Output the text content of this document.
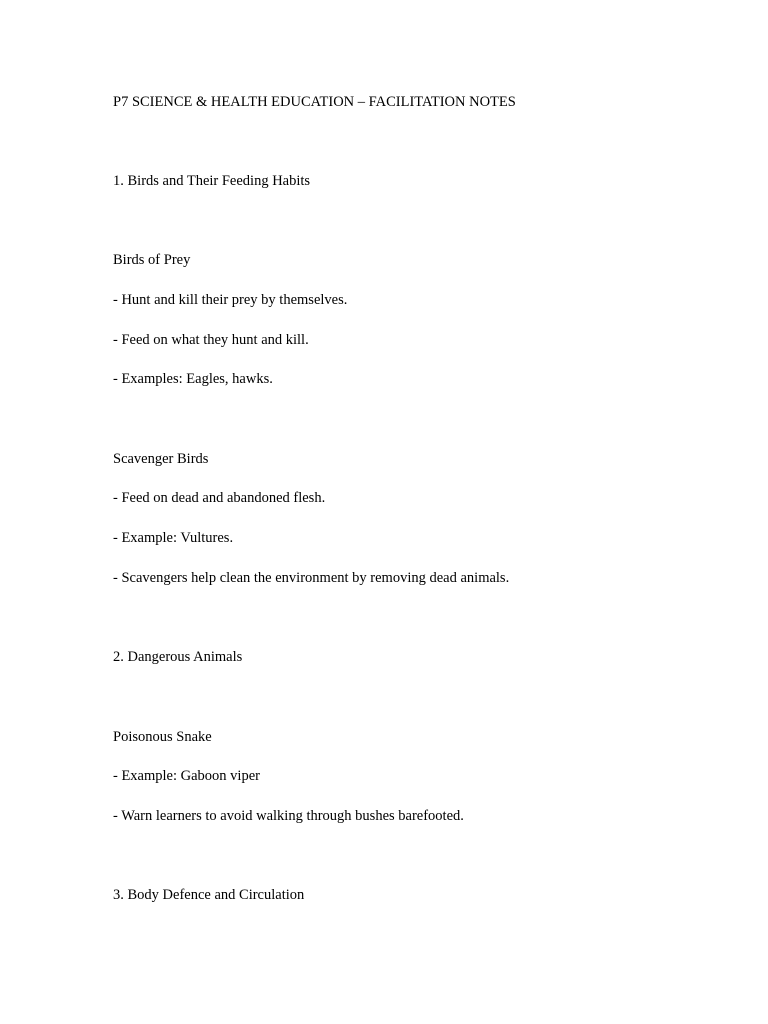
P7 SCIENCE & HEALTH EDUCATION – FACILITATION NOTES
1. Birds and Their Feeding Habits
Birds of Prey
- Hunt and kill their prey by themselves.
- Feed on what they hunt and kill.
- Examples: Eagles, hawks.
Scavenger Birds
- Feed on dead and abandoned flesh.
- Example: Vultures.
- Scavengers help clean the environment by removing dead animals.
2. Dangerous Animals
Poisonous Snake
- Example: Gaboon viper
- Warn learners to avoid walking through bushes barefooted.
3. Body Defence and Circulation
